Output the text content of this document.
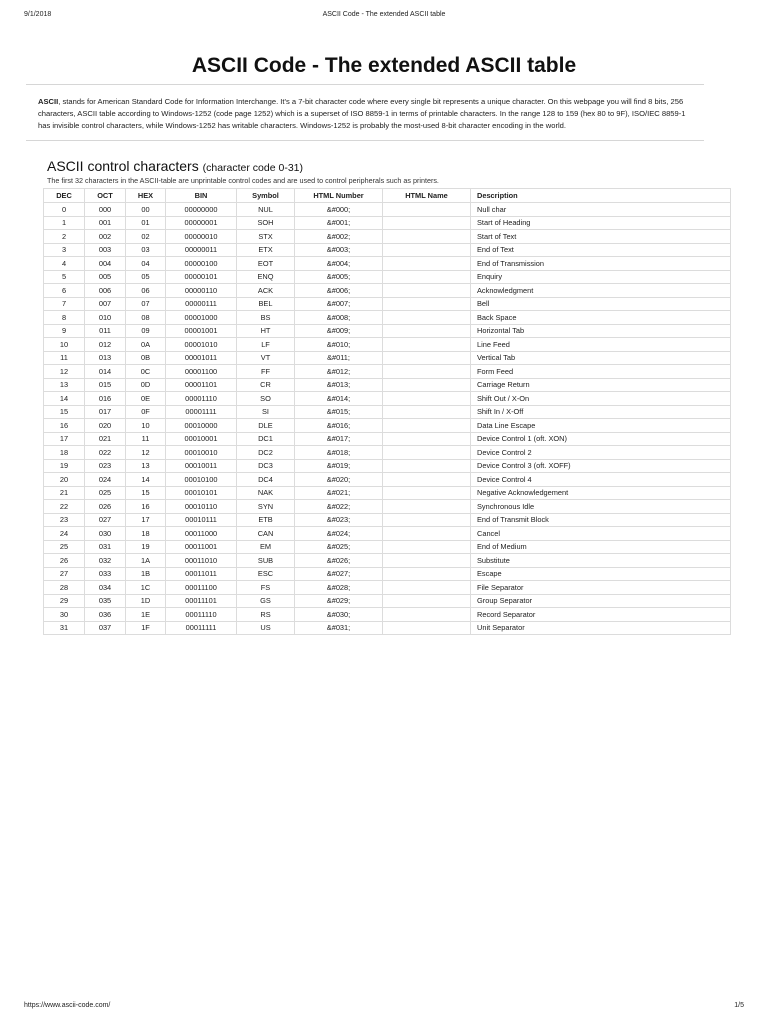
9/1/2018	ASCII Code - The extended ASCII table
ASCII Code - The extended ASCII table

ASCII, stands for American Standard Code for Information Interchange. It's a 7-bit character code where every single bit represents a unique character. On this webpage you will find 8 bits, 256 characters, ASCII table according to Windows-1252 (code page 1252) which is a superset of ISO 8859-1 in terms of printable characters. In the range 128 to 159 (hex 80 to 9F), ISO/IEC 8859-1 has invisible control characters, while Windows-1252 has writable characters. Windows-1252 is probably the most-used 8-bit character encoding in the world.

ASCII control characters (character code 0-31)

The first 32 characters in the ASCII-table are unprintable control codes and are used to control peripherals such as printers.

DEC	OCT	HEX	BIN	Symbol	HTML Number	HTML Name	Description
0	000	00	00000000	NUL	&#000;		Null char
1	001	01	00000001	SOH	&#001;		Start of Heading
2	002	02	00000010	STX	&#002;		Start of Text
3	003	03	00000011	ETX	&#003;		End of Text
4	004	04	00000100	EOT	&#004;		End of Transmission
5	005	05	00000101	ENQ	&#005;		Enquiry
6	006	06	00000110	ACK	&#006;		Acknowledgment
7	007	07	00000111	BEL	&#007;		Bell
8	010	08	00001000	BS	&#008;		Back Space
9	011	09	00001001	HT	&#009;		Horizontal Tab
10	012	0A	00001010	LF	&#010;		Line Feed
11	013	0B	00001011	VT	&#011;		Vertical Tab
12	014	0C	00001100	FF	&#012;		Form Feed
13	015	0D	00001101	CR	&#013;		Carriage Return
14	016	0E	00001110	SO	&#014;		Shift Out / X-On
15	017	0F	00001111	SI	&#015;		Shift In / X-Off
16	020	10	00010000	DLE	&#016;		Data Line Escape
17	021	11	00010001	DC1	&#017;		Device Control 1 (oft. XON)
18	022	12	00010010	DC2	&#018;		Device Control 2
19	023	13	00010011	DC3	&#019;		Device Control 3 (oft. XOFF)
20	024	14	00010100	DC4	&#020;		Device Control 4
21	025	15	00010101	NAK	&#021;		Negative Acknowledgement
22	026	16	00010110	SYN	&#022;		Synchronous Idle
23	027	17	00010111	ETB	&#023;		End of Transmit Block
24	030	18	00011000	CAN	&#024;		Cancel
25	031	19	00011001	EM	&#025;		End of Medium
26	032	1A	00011010	SUB	&#026;		Substitute
27	033	1B	00011011	ESC	&#027;		Escape
28	034	1C	00011100	FS	&#028;		File Separator
29	035	1D	00011101	GS	&#029;		Group Separator
30	036	1E	00011110	RS	&#030;		Record Separator
31	037	1F	00011111	US	&#031;		Unit Separator
https://www.ascii-code.com/	1/5
